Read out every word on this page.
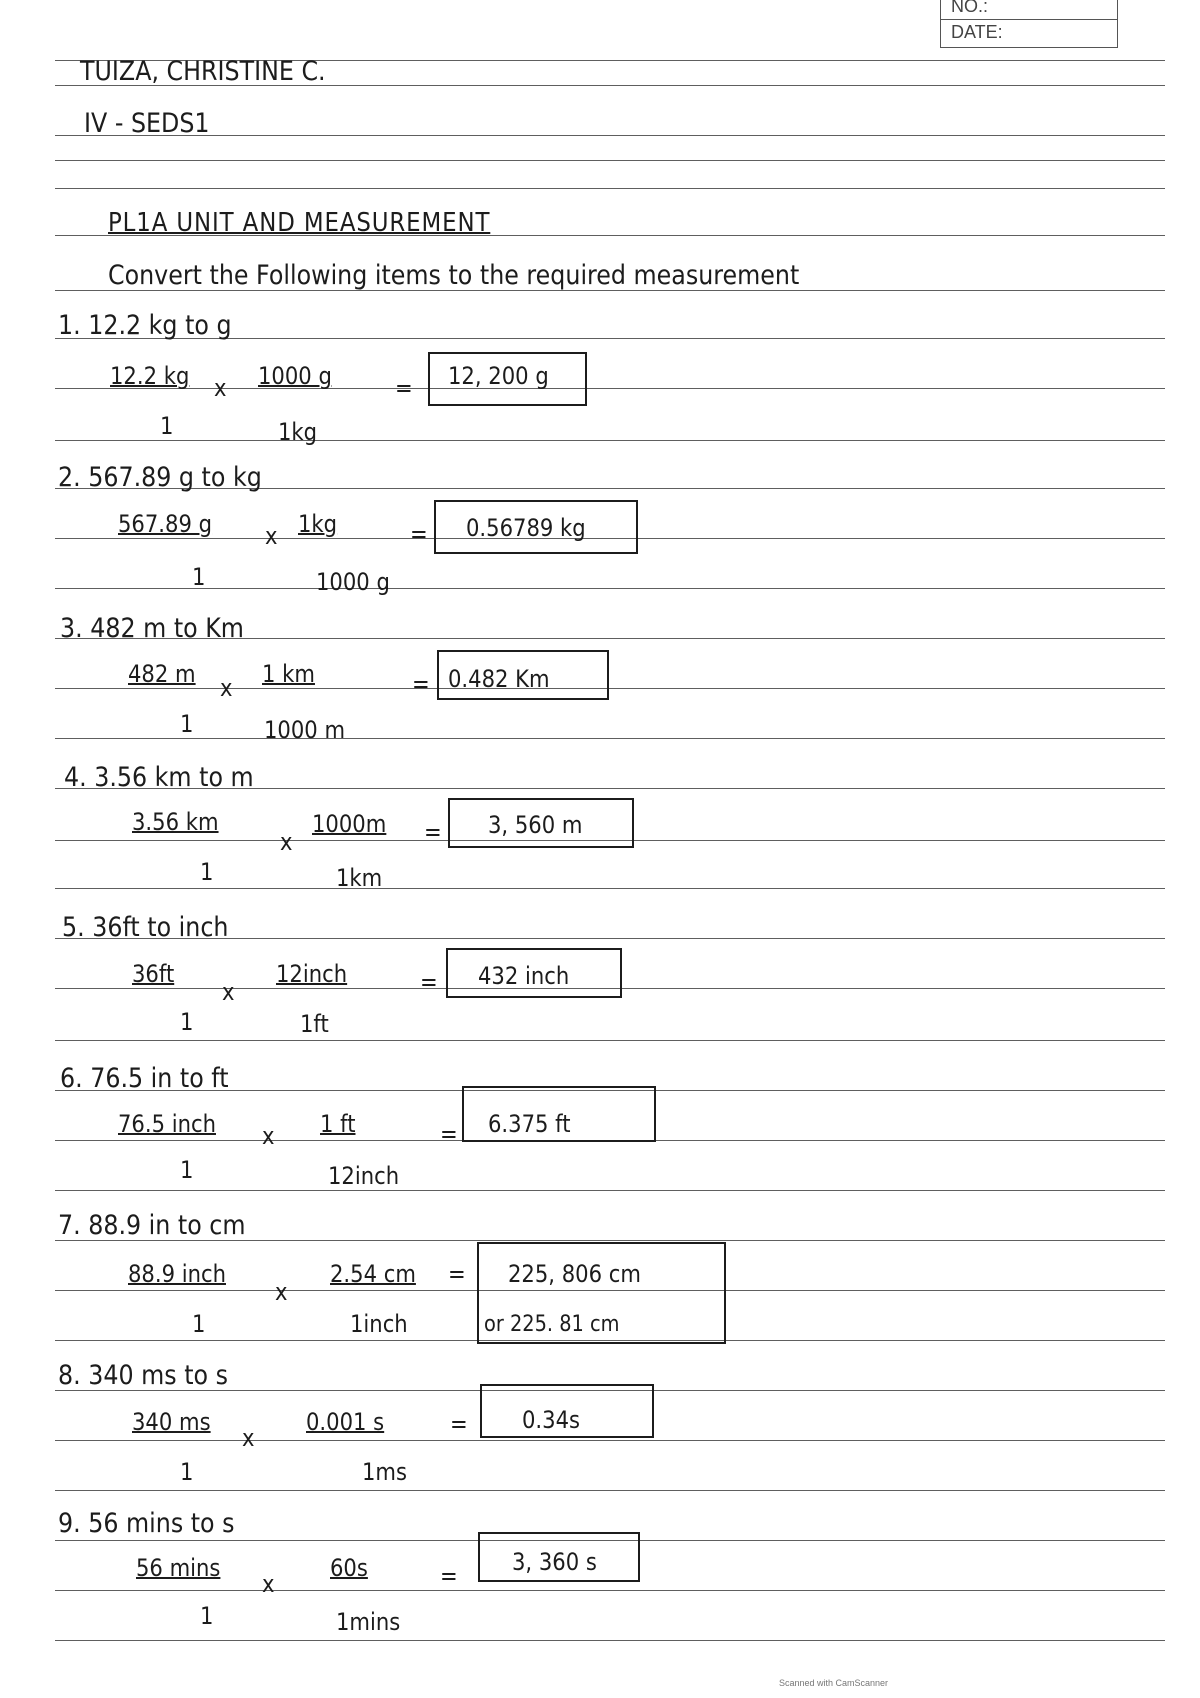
NO.:
DATE:
TUIZA, CHRISTINE C.
IV - SEDS1
PL1A UNIT AND MEASUREMENT
Convert the Following items to the required measurement
1. 12.2 kg to g
12.2 kg x 1000 g	= 12, 200 g
1	1kg
2. 567.89 g to kg
567.89 g x 1kg	= 0.56789 kg
1	1000 g
3. 482 m to Km
482 m x 1 km	= 0.482 Km
1	1000 m
4. 3.56 km to m
3.56 km
x
1000m = 3, 560 m
1	1km
5. 36ft to inch
36ft
x
12inch	= 432 inch
1	1ft
6. 76.5 in to ft
76.5 inch x 1 ft	= 6.375 ft
1	12inch
7. 88.9 in to cm
88.9 inch
x
2.54 cm = 225, 806 cm
or 225. 81 cm
1	1inch
8. 340 ms to s
340 ms
x
0.001 s	= 0.34s
1	1ms
9. 56 mins to s
56 mins
x
60s	= 3, 360 s
1	1mins
Scanned with CamScanner
